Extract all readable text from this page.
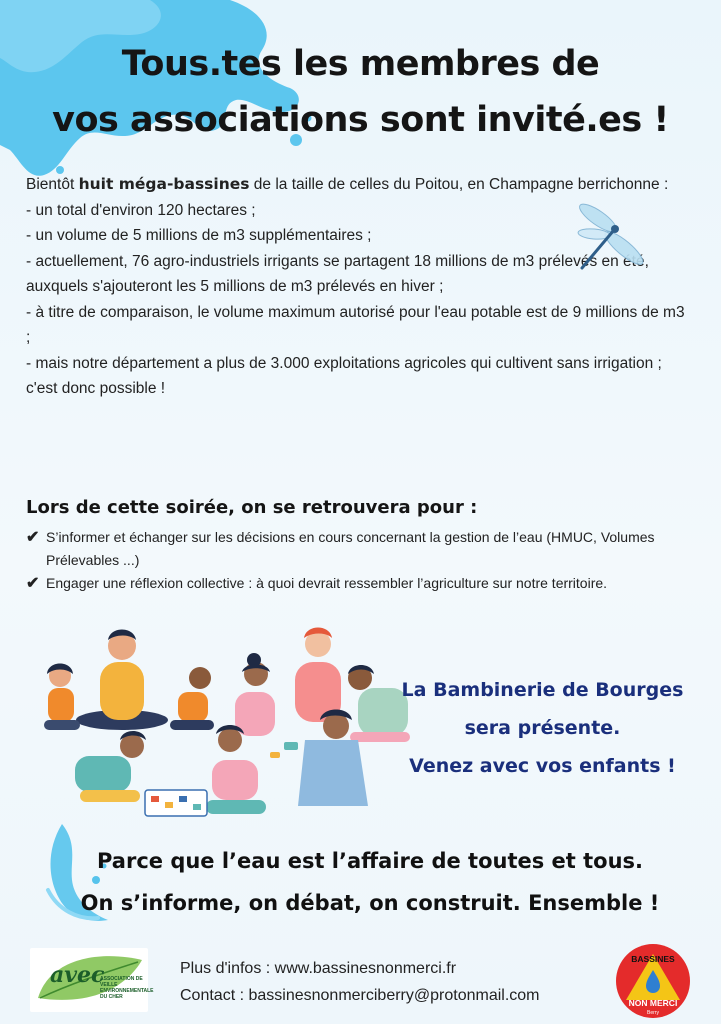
Tous.tes les membres de
vos associations sont invité.es !
Bientôt huit méga-bassines de la taille de celles du Poitou, en Champagne berrichonne :
- un total d'environ 120 hectares ;
- un volume de 5 millions de m3 supplémentaires ;
- actuellement, 76 agro-industriels irrigants se partagent 18 millions de m3 prélevés en été, auxquels s'ajouteront les 5 millions de m3 prélevés en hiver ;
- à titre de comparaison, le volume maximum autorisé pour l'eau potable est de 9 millions de m3 ;
- mais notre département a plus de 3.000 exploitations agricoles qui cultivent sans irrigation ; c'est donc possible !
Lors de cette soirée, on se retrouvera pour :
✔ S’informer et échanger sur les décisions en cours concernant la gestion de l’eau (HMUC, Volumes Prélevables ...)
✔ Engager une réflexion collective : à quoi devrait ressembler l’agriculture sur notre territoire.
La Bambinerie de Bourges
sera présente.
Venez avec vos enfants !
Parce que l’eau est l’affaire de toutes et tous.
On s’informe, on débat, on construit. Ensemble !
avec
ASSOCIATION DE VEILLE ENVIRONNEMENTALE DU CHER
Plus d'infos : www.bassinesnonmerci.fr
Contact : bassinesnonmerciberry@protonmail.com
BASSINES
NON MERCI
Berry
